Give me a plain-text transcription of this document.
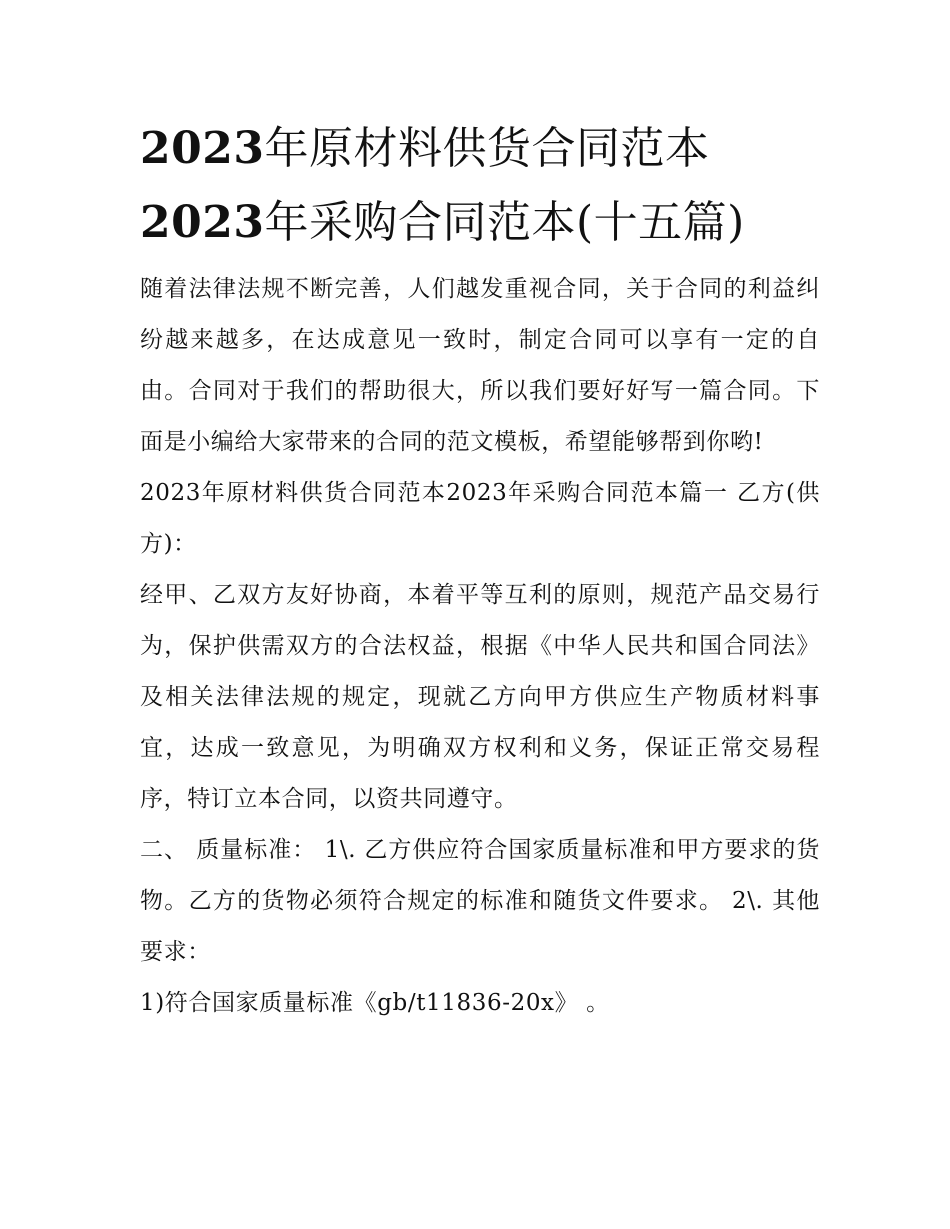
2023年原材料供货合同范本
2023年采购合同范本(十五篇)

随着法律法规不断完善，人们越发重视合同，关于合同的利益纠纷越来越多，在达成意见一致时，制定合同可以享有一定的自由。合同对于我们的帮助很大，所以我们要好好写一篇合同。下面是小编给大家带来的合同的范文模板，希望能够帮到你哟!

2023年原材料供货合同范本2023年采购合同范本篇一 乙方(供方)：

经甲、乙双方友好协商，本着平等互利的原则，规范产品交易行为，保护供需双方的合法权益，根据《中华人民共和国合同法》及相关法律法规的规定，现就乙方向甲方供应生产物质材料事宜，达成一致意见，为明确双方权利和义务，保证正常交易程序，特订立本合同，以资共同遵守。

二、 质量标准： 1\. 乙方供应符合国家质量标准和甲方要求的货物。乙方的货物必须符合规定的标准和随货文件要求。 2\. 其他要求：

1)符合国家质量标准《gb/t11836-20x》 。
